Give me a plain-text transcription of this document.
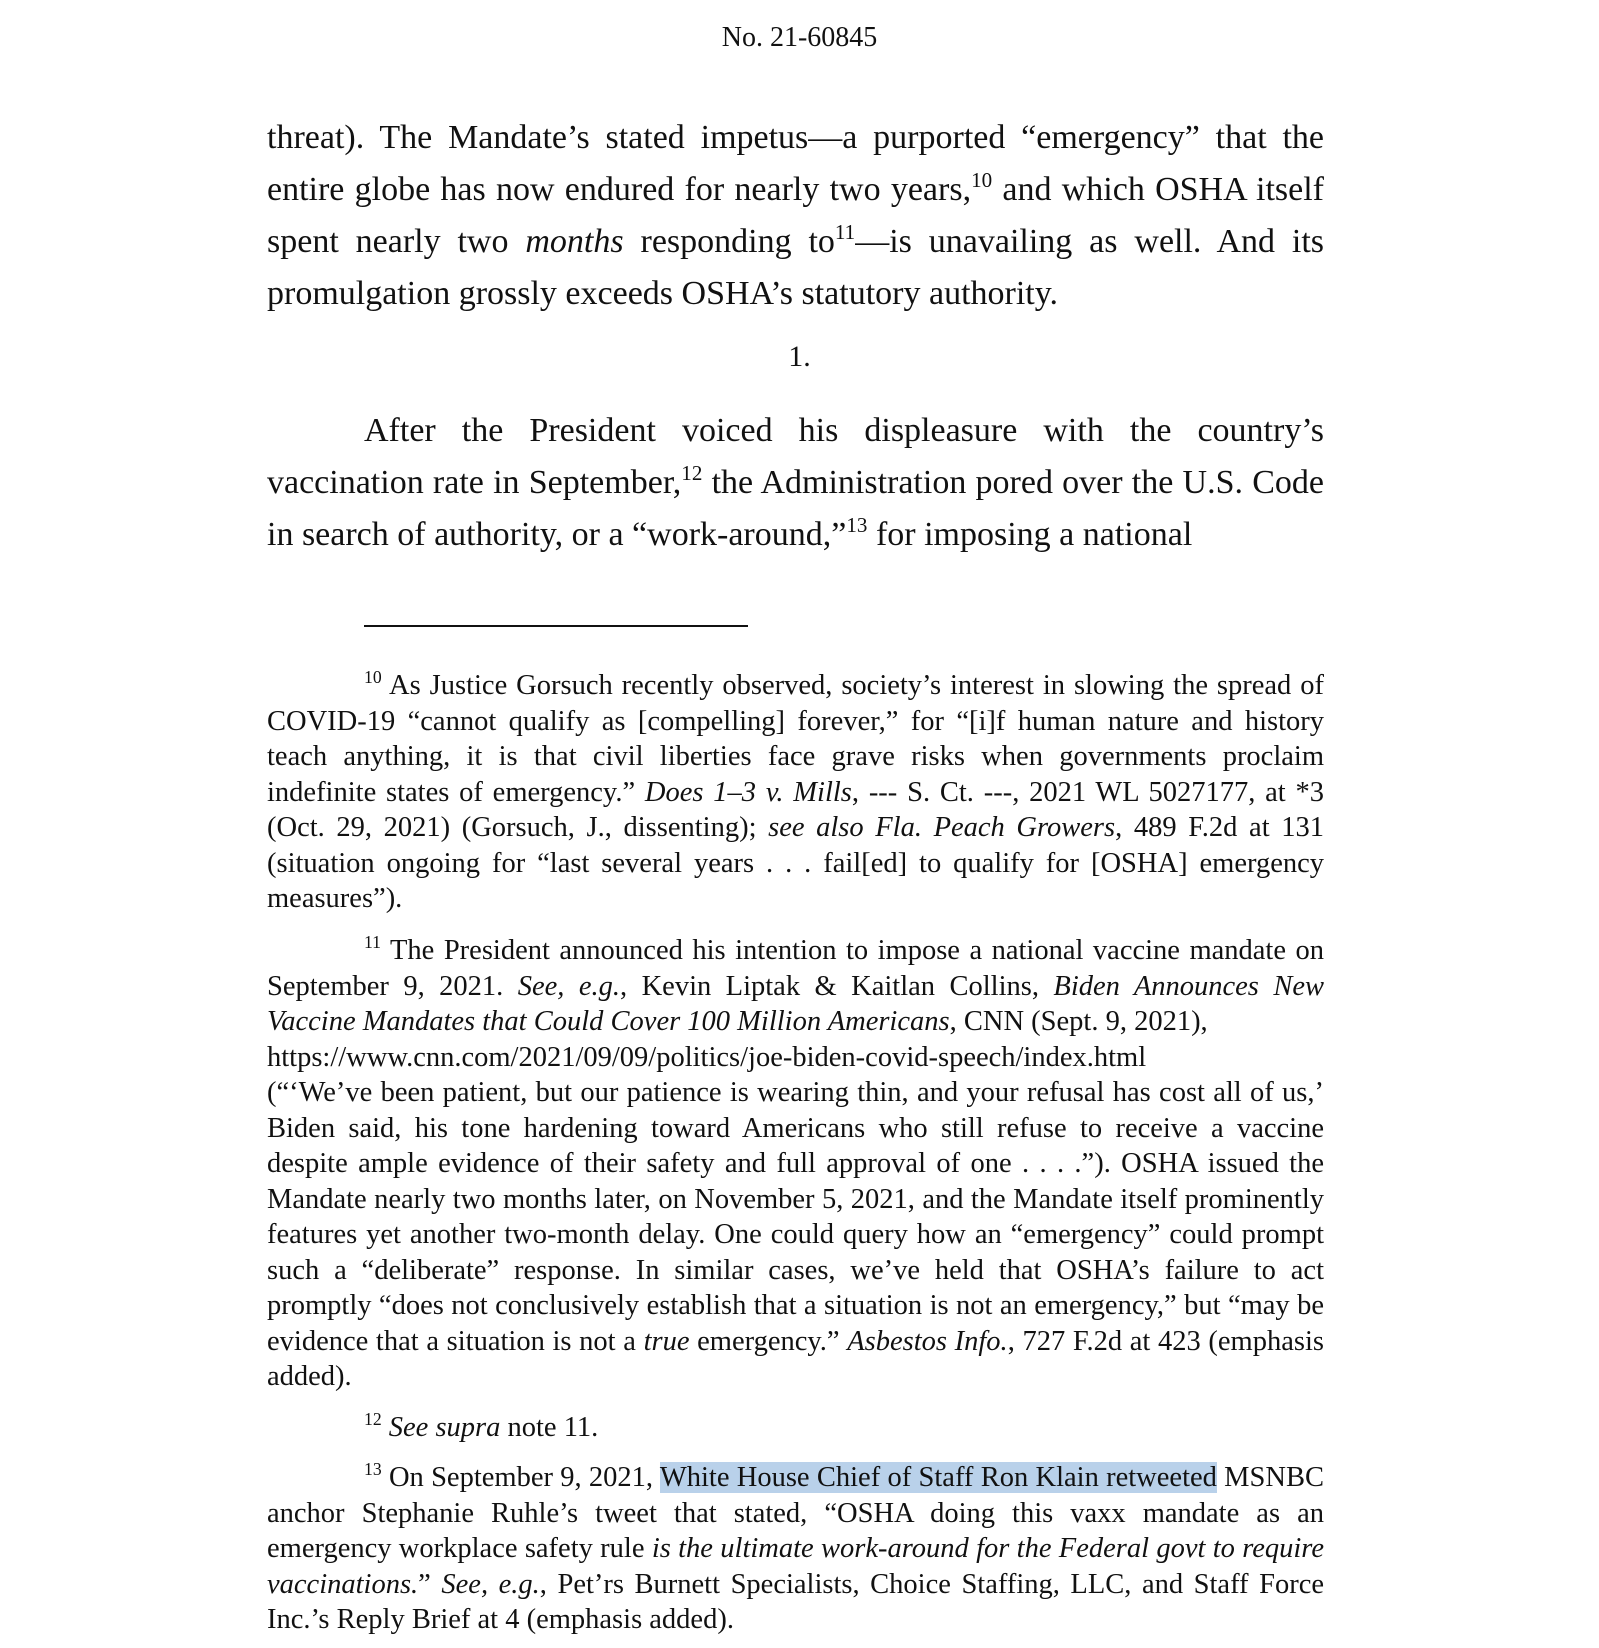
No. 21-60845

threat). The Mandate’s stated impetus—a purported “emergency” that the entire globe has now endured for nearly two years,$^{10}$ and which OSHA itself spent nearly two months responding $to^{11}—is$ unavailing as well. And its promulgation grossly exceeds OSHA’s statutory authority.

1.

After the President voiced his displeasure with the country’s vaccination rate in September,$^{12}$ the Administration pored over the U.S. Code in search of authority, or a “work-around,”$^{13}$ for imposing a national

$^{10}$ As Justice Gorsuch recently observed, society’s interest in slowing the spread of COVID-19 “cannot qualify as [compelling] forever,” for “[i]f human nature and history teach anything, it is that civil liberties face grave risks when governments proclaim indefinite states of emergency.” Does 1–3 v. Mills, --- S. Ct. ---, 2021 WL 5027177, at *3 (Oct. 29, 2021) (Gorsuch, J., dissenting); see also Fla. Peach Growers, 489 F.2d at 131 (situation ongoing for “last several years . . . fail[ed] to qualify for [OSHA] emergency measures”).

$^{11}$ The President announced his intention to impose a national vaccine mandate on September 9, 2021. See, e.g., Kevin Liptak & Kaitlan Collins, Biden Announces New Vaccine Mandates that Could Cover 100 Million Americans, CNN (Sept. 9, 2021),
https://www.cnn.com/2021/09/09/politics/joe-biden-covid-speech/index.html
(“‘We’ve been patient, but our patience is wearing thin, and your refusal has cost all of us,’ Biden said, his tone hardening toward Americans who still refuse to receive a vaccine despite ample evidence of their safety and full approval of one . . . .”). OSHA issued the Mandate nearly two months later, on November 5, 2021, and the Mandate itself prominently features yet another two-month delay. One could query how an “emergency” could prompt such a “deliberate” response. In similar cases, we’ve held that OSHA’s failure to act promptly “does not conclusively establish that a situation is not an emergency,” but “may be evidence that a situation is not a true emergency.” Asbestos Info., 727 F.2d at 423 (emphasis added).

$^{12}$ See supra note 11.

$^{13}$ On September 9, 2021, White House Chief of Staff Ron Klain retweeted MSNBC anchor Stephanie Ruhle’s tweet that stated, “OSHA doing this vaxx mandate as an emergency workplace safety rule is the ultimate work-around for the Federal govt to require vaccinations.” See, e.g., Pet’rs Burnett Specialists, Choice Staffing, LLC, and Staff Force Inc.’s Reply Brief at 4 (emphasis added).
